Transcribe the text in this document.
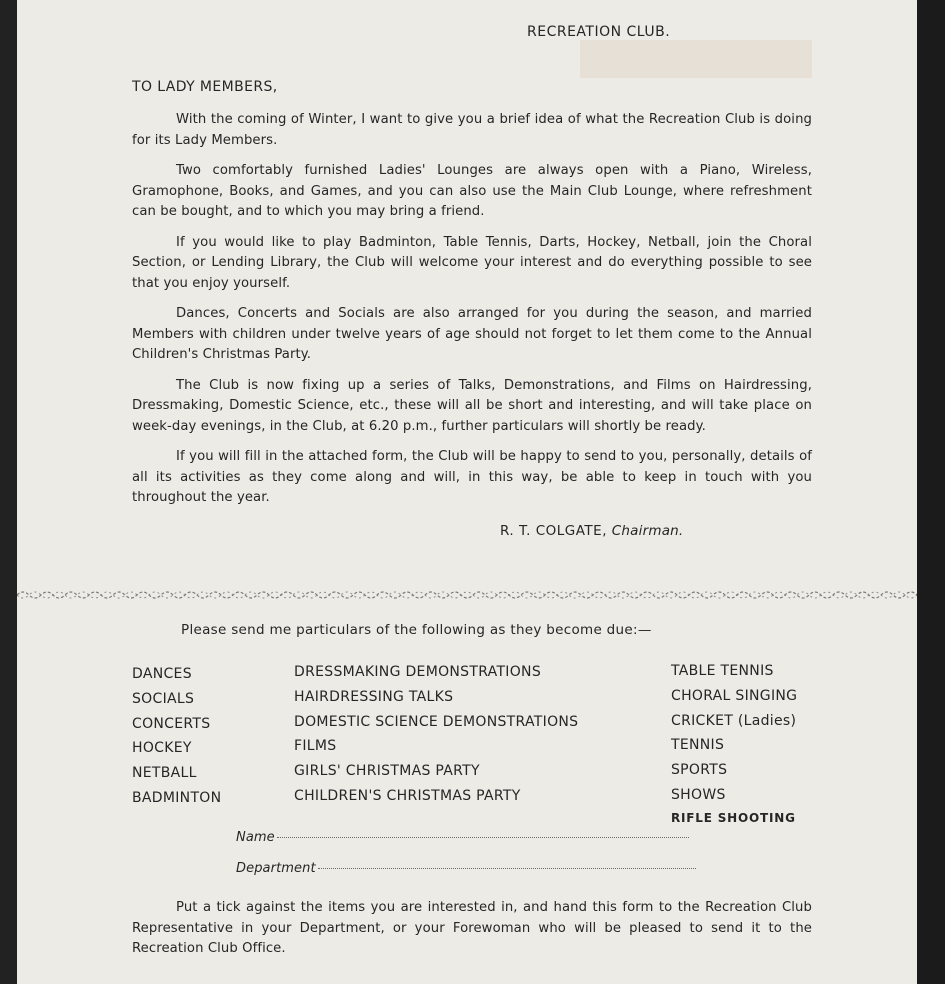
RECREATION CLUB.
TO LADY MEMBERS,

With the coming of Winter, I want to give you a brief idea of what the Recreation Club is doing for its Lady Members.

Two comfortably furnished Ladies' Lounges are always open with a Piano, Wireless, Gramophone, Books, and Games, and you can also use the Main Club Lounge, where refreshment can be bought, and to which you may bring a friend.

If you would like to play Badminton, Table Tennis, Darts, Hockey, Netball, join the Choral Section, or Lending Library, the Club will welcome your interest and do everything possible to see that you enjoy yourself.

Dances, Concerts and Socials are also arranged for you during the season, and married Members with children under twelve years of age should not forget to let them come to the Annual Children's Christmas Party.

The Club is now fixing up a series of Talks, Demonstrations, and Films on Hairdressing, Dressmaking, Domestic Science, etc., these will all be short and interesting, and will take place on week-day evenings, in the Club, at 6.20 p.m., further particulars will shortly be ready.

If you will fill in the attached form, the Club will be happy to send to you, personally, details of all its activities as they come along and will, in this way, be able to keep in touch with you throughout the year.

R. T. COLGATE, Chairman.
Please send me particulars of the following as they become due:—
DANCES
SOCIALS
CONCERTS
HOCKEY
NETBALL
BADMINTON
DRESSMAKING DEMONSTRATIONS
HAIRDRESSING TALKS
DOMESTIC SCIENCE DEMONSTRATIONS
FILMS
GIRLS' CHRISTMAS PARTY
CHILDREN'S CHRISTMAS PARTY
TABLE TENNIS
CHORAL SINGING
CRICKET (Ladies)
TENNIS
SPORTS
SHOWS
RIFLE SHOOTING
Name
Department

Put a tick against the items you are interested in, and hand this form to the Recreation Club Representative in your Department, or your Forewoman who will be pleased to send it to the Recreation Club Office.
